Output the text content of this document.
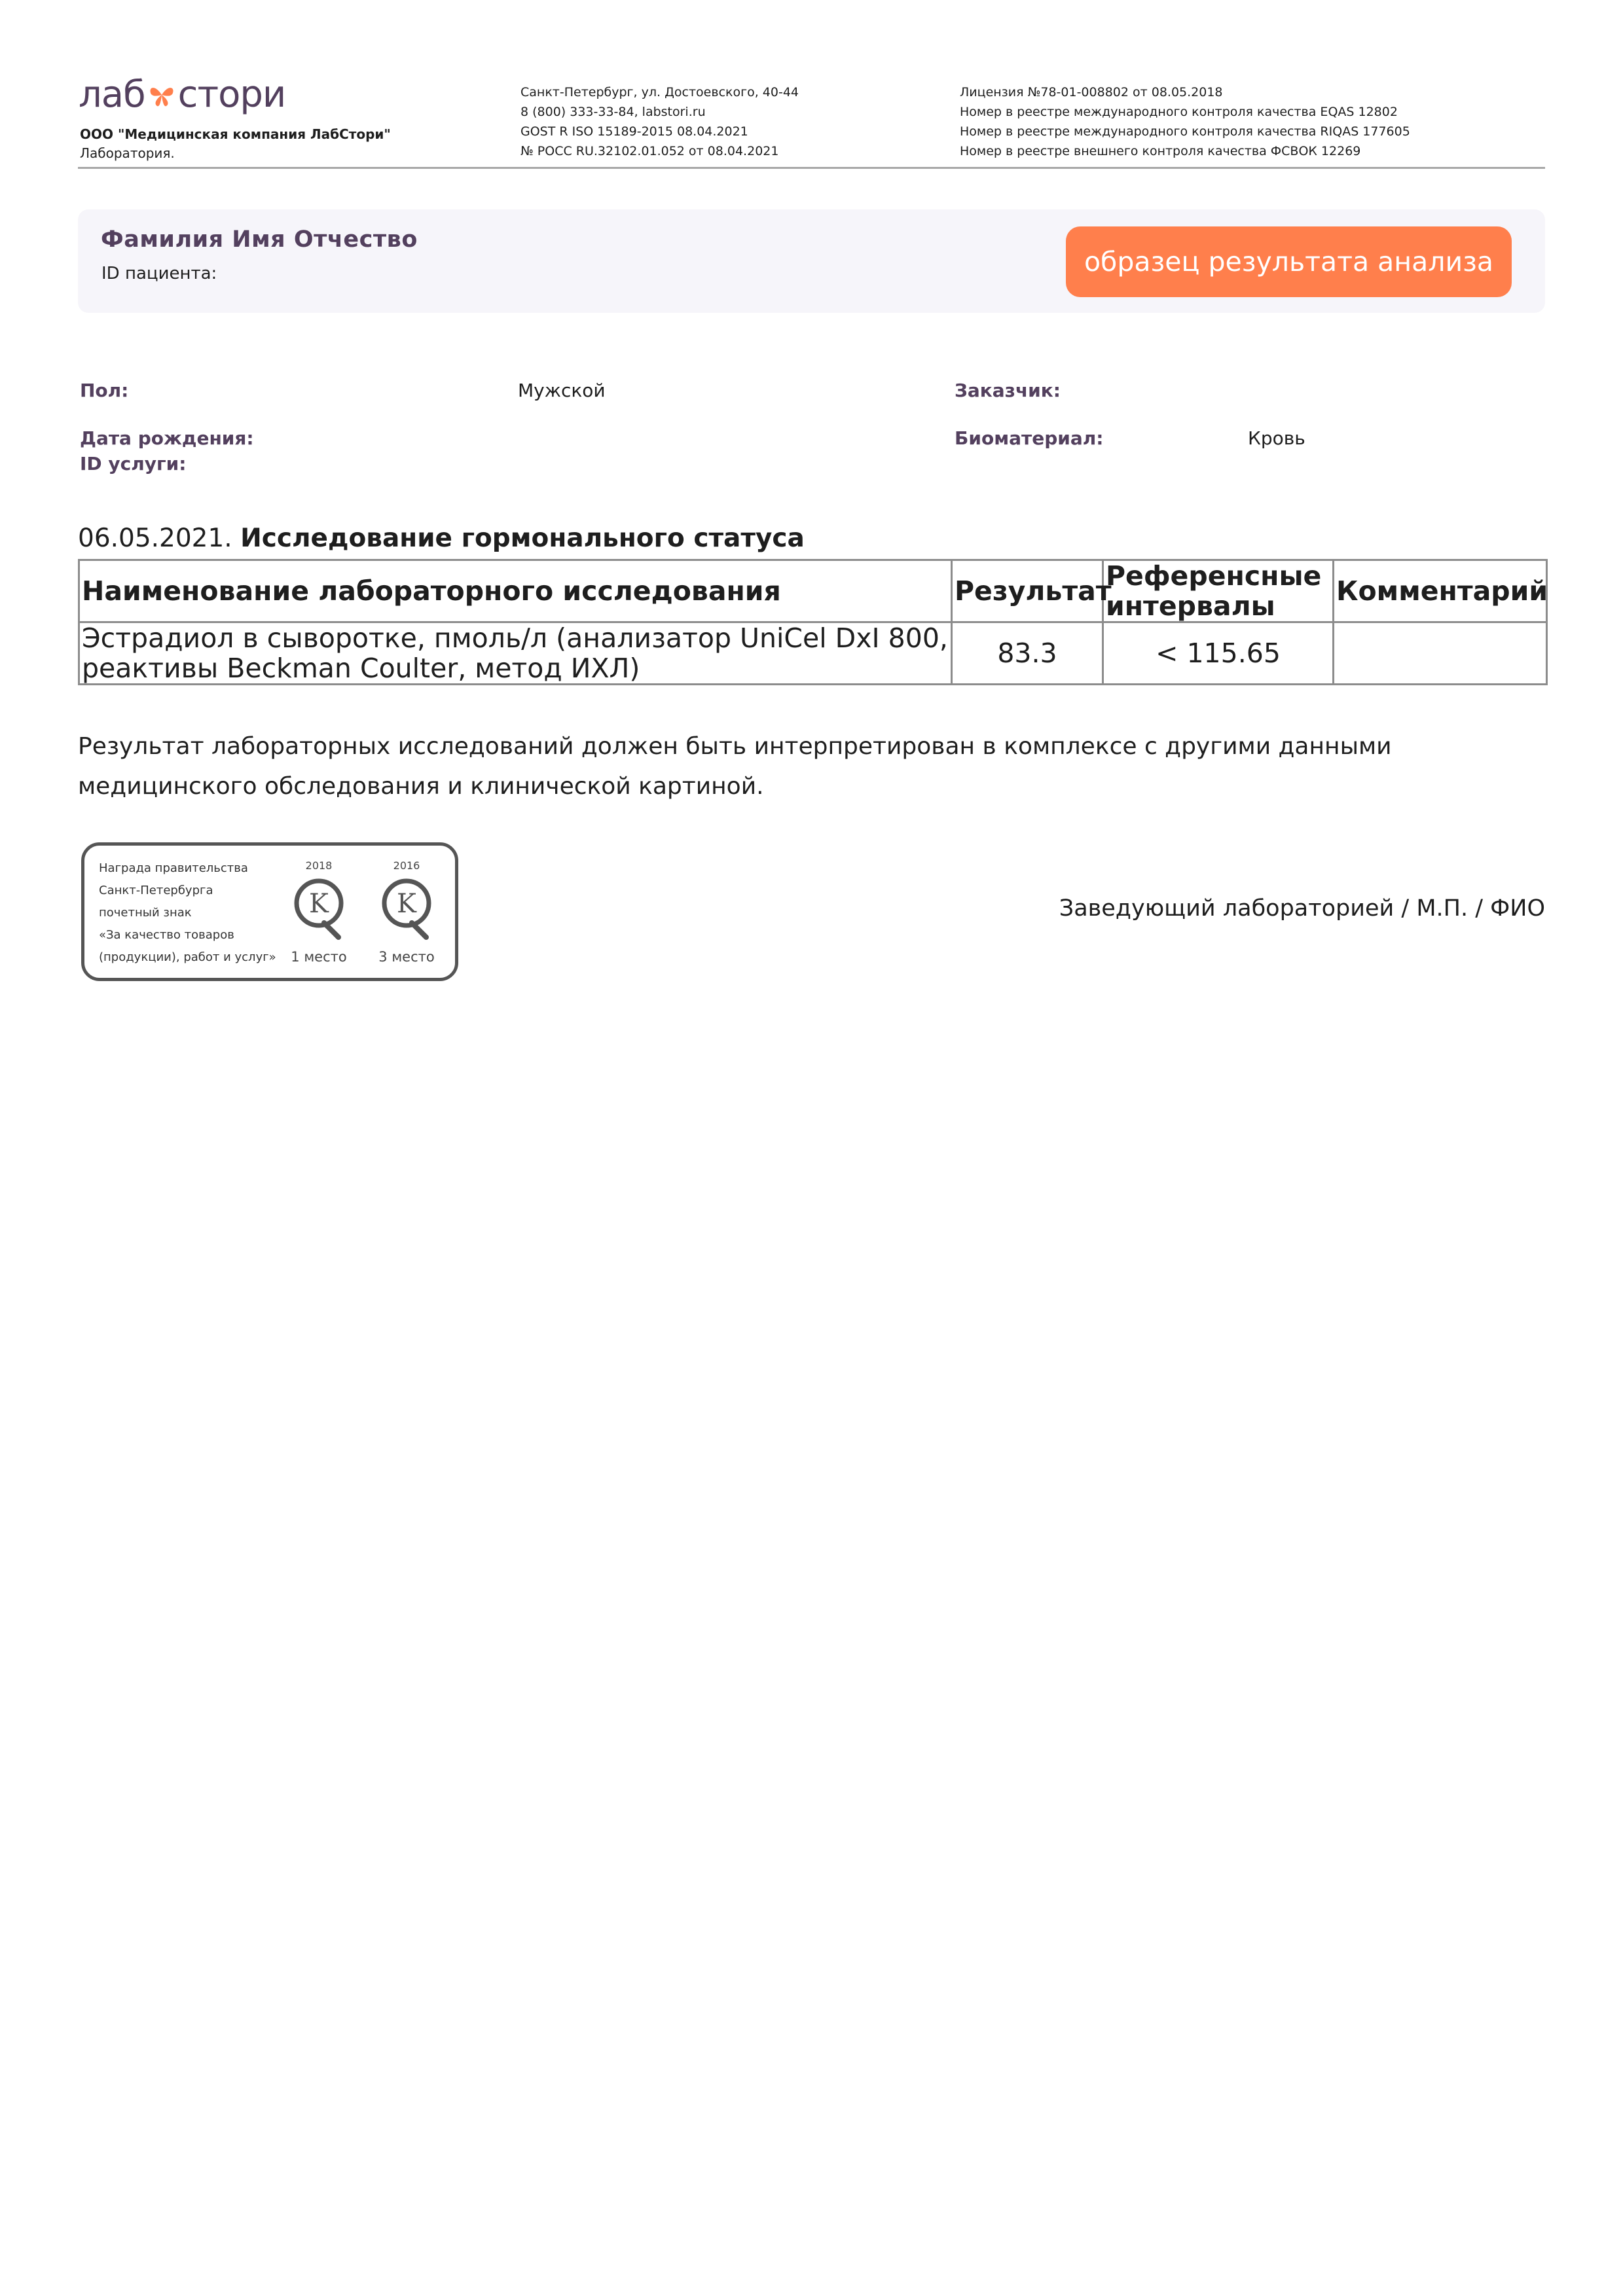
лаб стори
ООО "Медицинская компания ЛабСтори"
Лаборатория.
Санкт-Петербург, ул. Достоевского, 40-44
8 (800) 333-33-84, labstori.ru
GOST R ISO 15189-2015 08.04.2021
№ РОСС RU.32102.01.052 от 08.04.2021
Лицензия №78-01-008802 от 08.05.2018
Номер в реестре международного контроля качества EQAS 12802
Номер в реестре международного контроля качества RIQAS 177605
Номер в реестре внешнего контроля качества ФСВОК 12269
Фамилия Имя Отчество
ID пациента:	образец результата анализа
Пол:	Мужской	Заказчик:
Дата рождения:	Биоматериал:	Кровь
ID услуги:
06.05.2021. Исследование гормонального статуса
Наименование лабораторного исследования	Результат	Референсные интервалы	Комментарий
Эстрадиол в сыворотке, пмоль/л (анализатор UniCel DxI 800, реактивы Beckman Coulter, метод ИХЛ)	83.3	< 115.65	
Результат лабораторных исследований должен быть интерпретирован в комплексе с другими данными медицинского обследования и клинической картиной.
Награда правительства
Санкт-Петербурга
почетный знак
«За качество товаров
(продукции), работ и услуг»
2018	2016
K	K
1 место	3 место
Заведующий лабораторией / М.П. / ФИО
